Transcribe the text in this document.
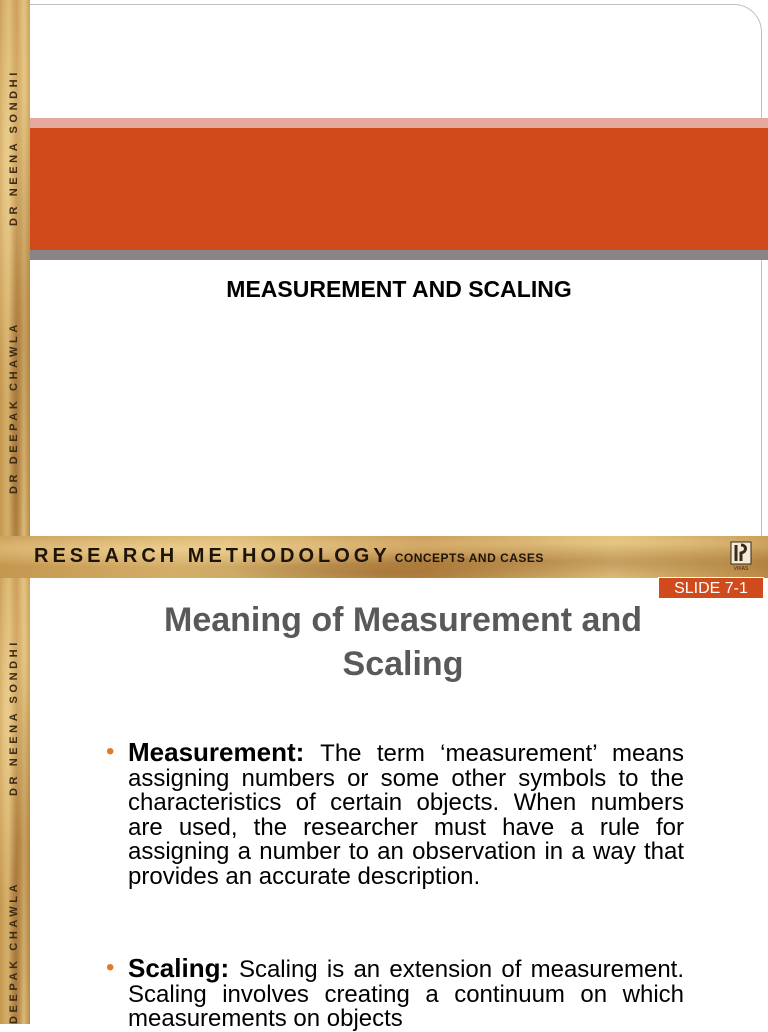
DR NEENA SONDHI
DR DEEPAK CHAWLA
DR NEENA SONDHI
DEEPAK CHAWLA
MEASUREMENT AND SCALING
RESEARCH METHODOLOGY CONCEPTS AND CASES
VIKAS
Meaning of Measurement and Scaling
• Measurement: The term ‘measurement’ means assigning numbers or some other symbols to the characteristics of certain objects. When numbers are used, the researcher must have a rule for assigning a number to an observation in a way that provides an accurate description.
• Scaling: Scaling is an extension of measurement. Scaling involves creating a continuum on which measurements on objects
SLIDE 7-1
